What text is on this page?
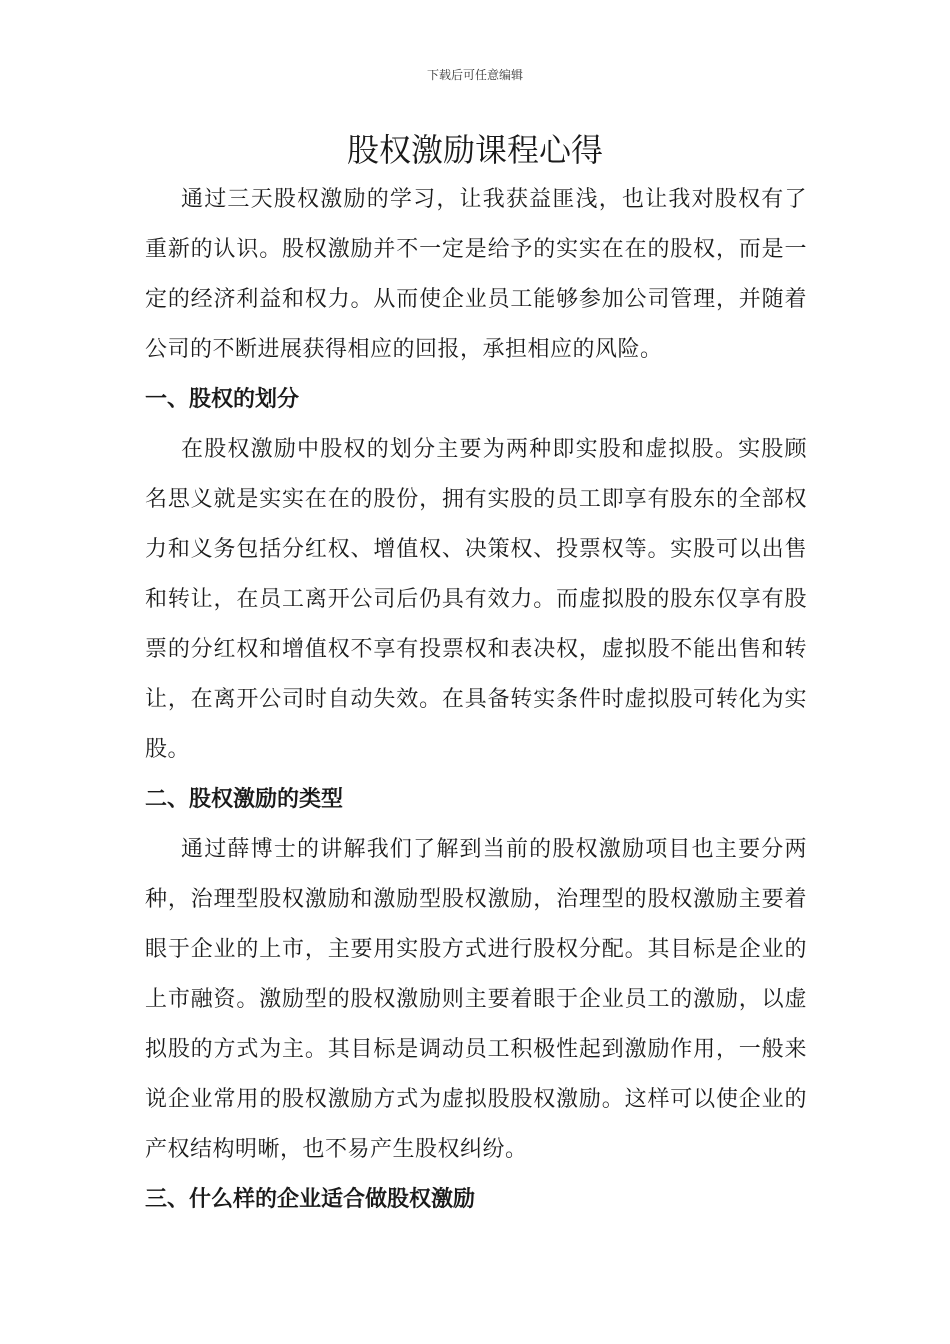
下载后可任意编辑
股权激励课程心得

通过三天股权激励的学习，让我获益匪浅，也让我对股权有了重新的认识。股权激励并不一定是给予的实实在在的股权，而是一定的经济利益和权力。从而使企业员工能够参加公司管理，并随着公司的不断进展获得相应的回报，承担相应的风险。

一、股权的划分

在股权激励中股权的划分主要为两种即实股和虚拟股。实股顾名思义就是实实在在的股份，拥有实股的员工即享有股东的全部权力和义务包括分红权、增值权、决策权、投票权等。实股可以出售和转让，在员工离开公司后仍具有效力。而虚拟股的股东仅享有股票的分红权和增值权不享有投票权和表决权，虚拟股不能出售和转让，在离开公司时自动失效。在具备转实条件时虚拟股可转化为实股。

二、股权激励的类型

通过薛博士的讲解我们了解到当前的股权激励项目也主要分两种，治理型股权激励和激励型股权激励，治理型的股权激励主要着眼于企业的上市，主要用实股方式进行股权分配。其目标是企业的上市融资。激励型的股权激励则主要着眼于企业员工的激励，以虚拟股的方式为主。其目标是调动员工积极性起到激励作用，一般来说企业常用的股权激励方式为虚拟股股权激励。这样可以使企业的产权结构明晰，也不易产生股权纠纷。

三、什么样的企业适合做股权激励
